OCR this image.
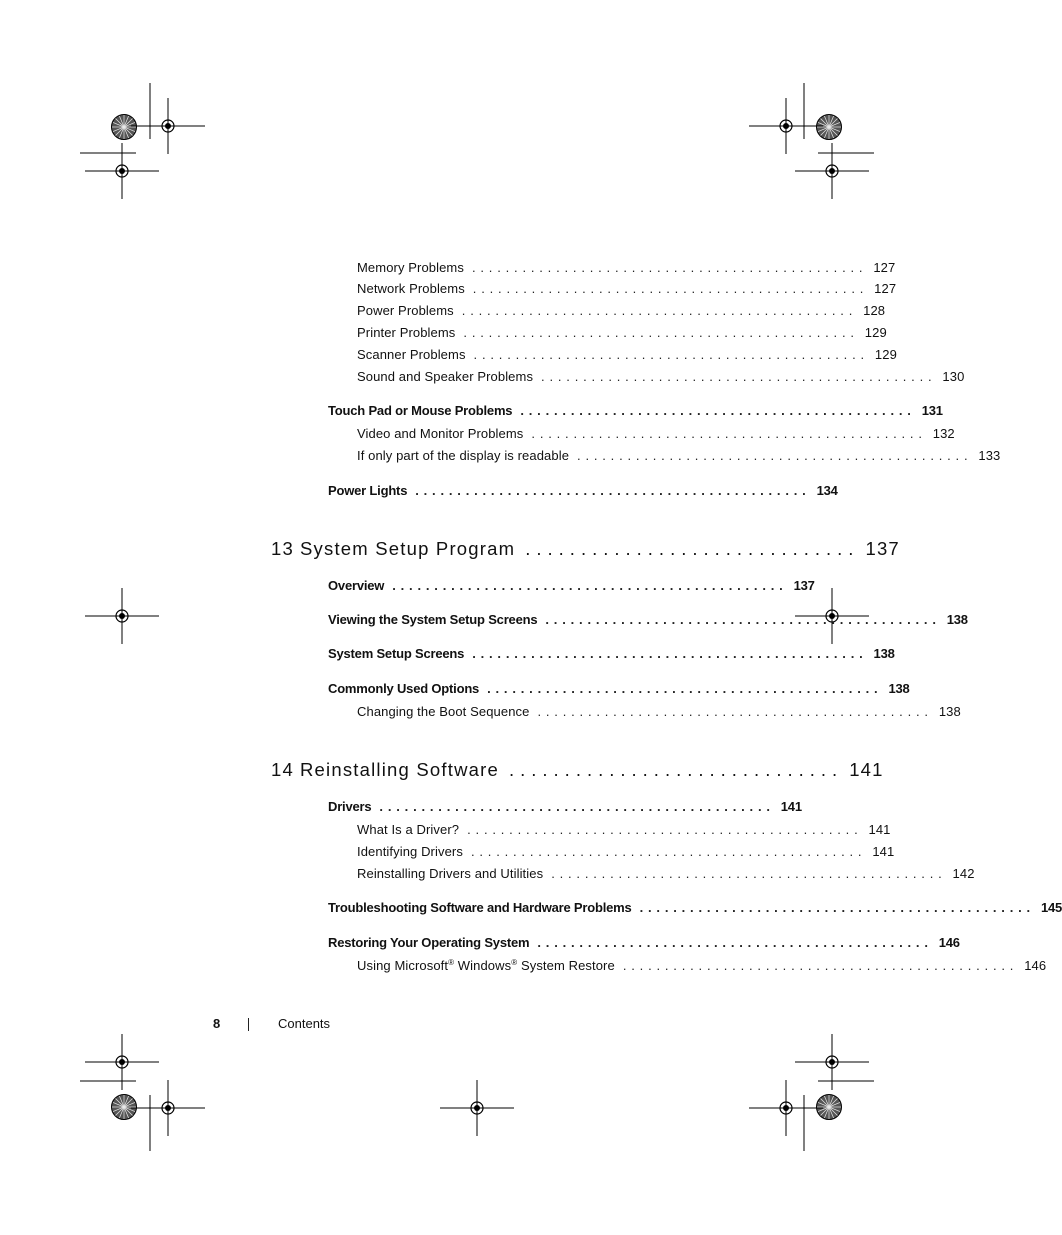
Memory Problems ............................................... 127
Network Problems ............................................... 127
Power Problems ............................................... 128
Printer Problems ............................................... 129
Scanner Problems ............................................... 129
Sound and Speaker Problems ............................................... 130
Touch Pad or Mouse Problems ............................................... 131
Video and Monitor Problems ............................................... 132
If only part of the display is readable ............................................... 133
Power Lights ............................................... 134
13 System Setup Program .............................. 137
Overview ............................................... 137
Viewing the System Setup Screens ............................................... 138
System Setup Screens ............................................... 138
Commonly Used Options ............................................... 138
Changing the Boot Sequence ............................................... 138
14 Reinstalling Software .............................. 141
Drivers ............................................... 141
What Is a Driver? ............................................... 141
Identifying Drivers ............................................... 141
Reinstalling Drivers and Utilities ............................................... 142
Troubleshooting Software and Hardware Problems ............................................... 145
Restoring Your Operating System ............................................... 146
Using Microsoft® Windows® System Restore ............................................... 146
8	Contents
